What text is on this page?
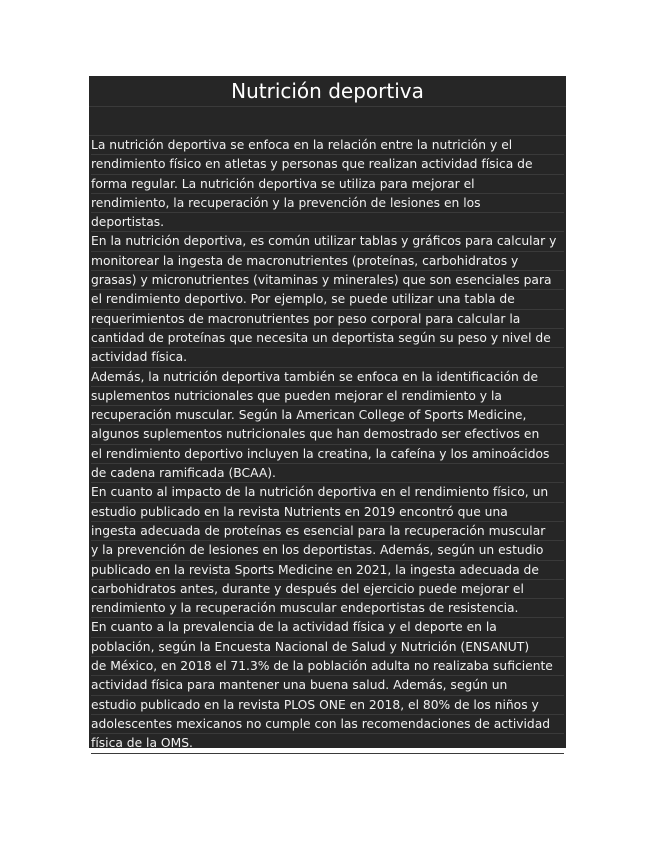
Nutrición deportiva
La nutrición deportiva se enfoca en la relación entre la nutrición y el
rendimiento físico en atletas y personas que realizan actividad física de
forma regular. La nutrición deportiva se utiliza para mejorar el
rendimiento, la recuperación y la prevención de lesiones en los
deportistas.
En la nutrición deportiva, es común utilizar tablas y gráficos para calcular y
monitorear la ingesta de macronutrientes (proteínas, carbohidratos y
grasas) y micronutrientes (vitaminas y minerales) que son esenciales para
el rendimiento deportivo. Por ejemplo, se puede utilizar una tabla de
requerimientos de macronutrientes por peso corporal para calcular la
cantidad de proteínas que necesita un deportista según su peso y nivel de
actividad física.
Además, la nutrición deportiva también se enfoca en la identificación de
suplementos nutricionales que pueden mejorar el rendimiento y la
recuperación muscular. Según la American College of Sports Medicine,
algunos suplementos nutricionales que han demostrado ser efectivos en
el rendimiento deportivo incluyen la creatina, la cafeína y los aminoácidos
de cadena ramificada (BCAA).
En cuanto al impacto de la nutrición deportiva en el rendimiento físico, un
estudio publicado en la revista Nutrients en 2019 encontró que una
ingesta adecuada de proteínas es esencial para la recuperación muscular
y la prevención de lesiones en los deportistas. Además, según un estudio
publicado en la revista Sports Medicine en 2021, la ingesta adecuada de
carbohidratos antes, durante y después del ejercicio puede mejorar el
rendimiento y la recuperación muscular endeportistas de resistencia.
En cuanto a la prevalencia de la actividad física y el deporte en la
población, según la Encuesta Nacional de Salud y Nutrición (ENSANUT)
de México, en 2018 el 71.3% de la población adulta no realizaba suficiente
actividad física para mantener una buena salud. Además, según un
estudio publicado en la revista PLOS ONE en 2018, el 80% de los niños y
adolescentes mexicanos no cumple con las recomendaciones de actividad
física de la OMS.
